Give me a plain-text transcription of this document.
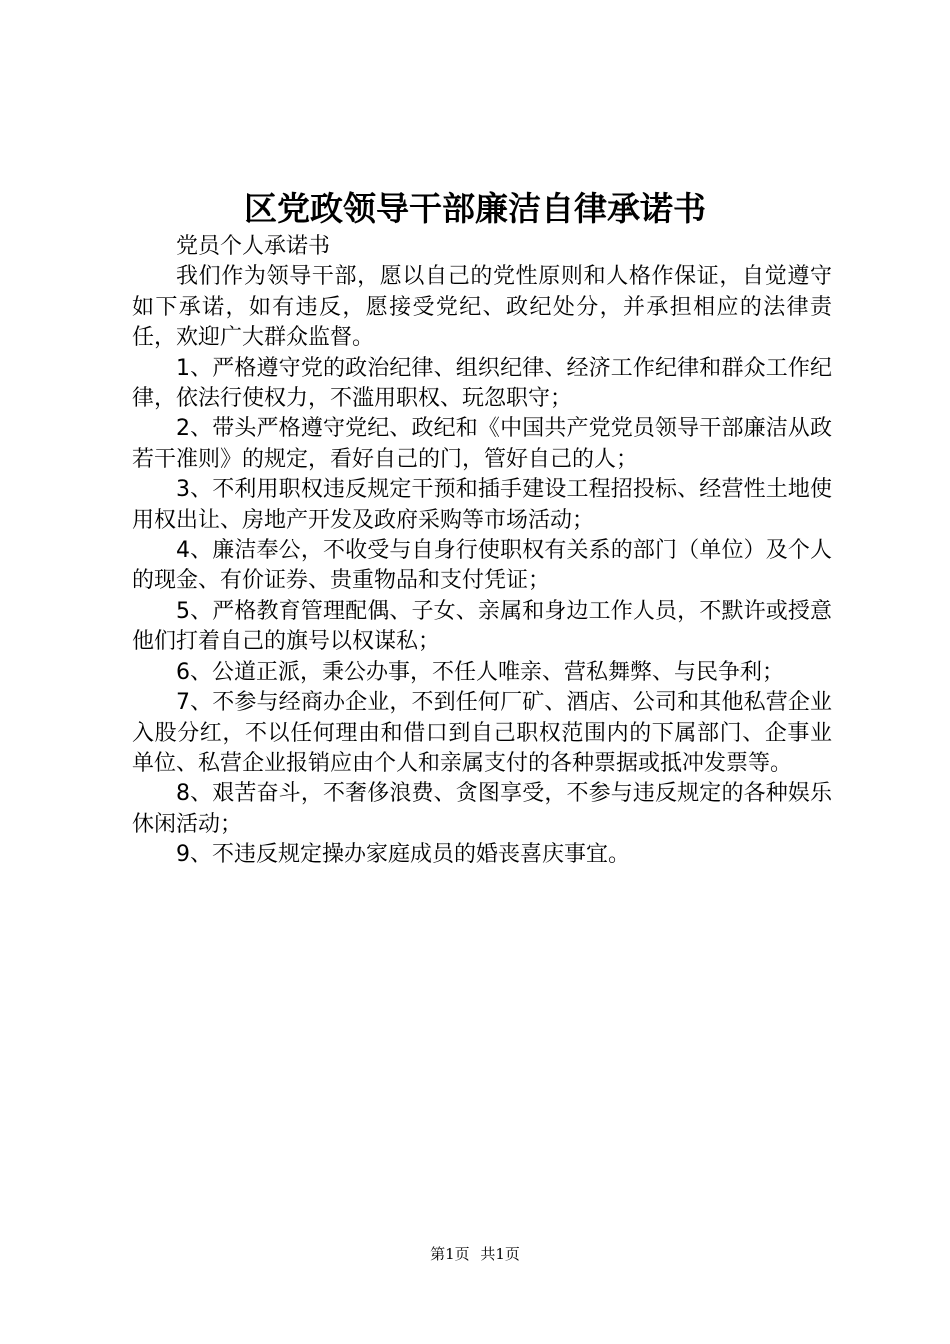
区党政领导干部廉洁自律承诺书

党员个人承诺书

我们作为领导干部，愿以自己的党性原则和人格作保证，自觉遵守如下承诺，如有违反，愿接受党纪、政纪处分，并承担相应的法律责任，欢迎广大群众监督。

1、严格遵守党的政治纪律、组织纪律、经济工作纪律和群众工作纪律，依法行使权力，不滥用职权、玩忽职守；

2、带头严格遵守党纪、政纪和《中国共产党党员领导干部廉洁从政若干准则》的规定，看好自己的门，管好自己的人；

3、不利用职权违反规定干预和插手建设工程招投标、经营性土地使用权出让、房地产开发及政府采购等市场活动；

4、廉洁奉公，不收受与自身行使职权有关系的部门（单位）及个人的现金、有价证券、贵重物品和支付凭证；

5、严格教育管理配偶、子女、亲属和身边工作人员，不默许或授意他们打着自己的旗号以权谋私；

6、公道正派，秉公办事，不任人唯亲、营私舞弊、与民争利；

7、不参与经商办企业，不到任何厂矿、酒店、公司和其他私营企业入股分红，不以任何理由和借口到自己职权范围内的下属部门、企事业单位、私营企业报销应由个人和亲属支付的各种票据或抵冲发票等。

8、艰苦奋斗，不奢侈浪费、贪图享受，不参与违反规定的各种娱乐休闲活动；

9、不违反规定操办家庭成员的婚丧喜庆事宜。

第1页 共1页
